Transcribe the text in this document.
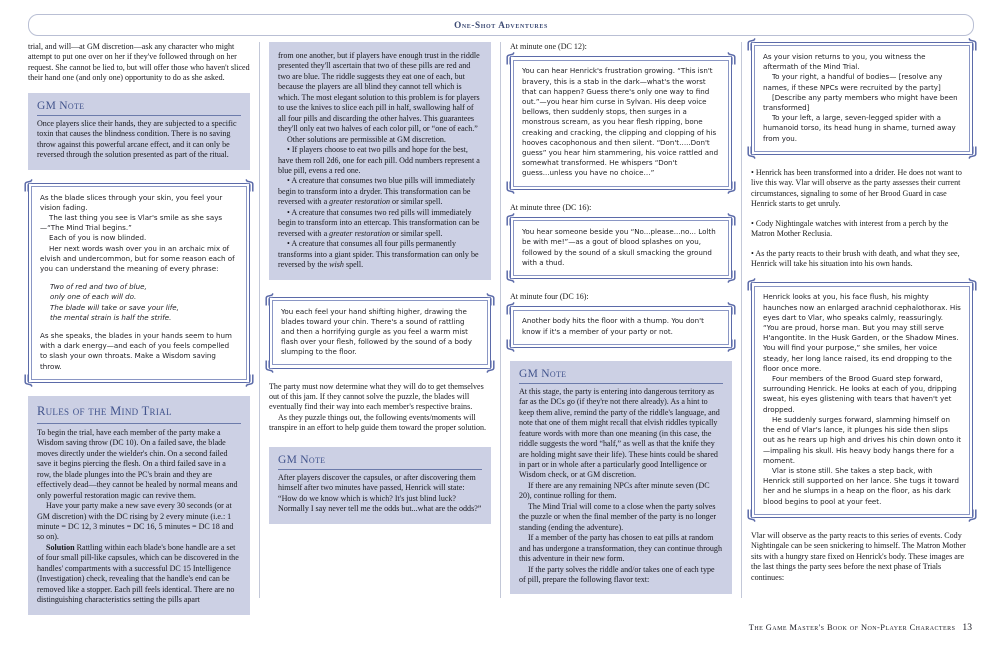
One-Shot Adventures

trial, and will—at GM discretion—ask any character who might attempt to put one over on her if they've followed through on her request. She cannot be lied to, but will offer those who haven't sliced their hand one (and only one) opportunity to do as she asked.

GM Note

Once players slice their hands, they are subjected to a specific toxin that causes the blindness condition. There is no saving throw against this powerful arcane effect, and it can only be reversed through the solution presented as part of the ritual.

As the blade slices through your skin, you feel your vision fading.

The last thing you see is Vlar's smile as she says—“The Mind Trial begins.”

Each of you is now blinded.

Her next words wash over you in an archaic mix of elvish and undercommon, but for some reason each of you can understand the meaning of every phrase:

Two of red and two of blue,

only one of each will do.

The blade will take or save your life,

the mental strain is half the strife.

As she speaks, the blades in your hands seem to hum with a dark energy—and each of you feels compelled to slash your own throats. Make a Wisdom saving throw.

Rules of the Mind Trial

To begin the trial, have each member of the party make a Wisdom saving throw (DC 10). On a failed save, the blade moves directly under the wielder's chin. On a second failed save it begins piercing the flesh. On a third failed save in a row, the blade plunges into the PC's brain and they are effectively dead—they cannot be healed by normal means and only powerful restoration magic can revive them.

Have your party make a new save every 30 seconds (or at GM discretion) with the DC rising by 2 every minute (i.e.: 1 minute = DC 12, 3 minutes = DC 16, 5 minutes = DC 18 and so on).

Solution Rattling within each blade's bone handle are a set of four small pill-like capsules, which can be discovered in the handles' compartments with a successful DC 15 Intelligence (Investigation) check, revealing that the handle's end can be removed like a stopper. Each pill feels identical. There are no distinguishing characteristics setting the pills apart

from one another, but if players have enough trust in the riddle presented they'll ascertain that two of these pills are red and two are blue. The riddle suggests they eat one of each, but because the players are all blind they cannot tell which is which. The most elegant solution to this problem is for players to use the knives to slice each pill in half, swallowing half of all four pills and discarding the other halves. This guarantees they'll only eat two halves of each color pill, or “one of each.”

Other solutions are permissible at GM discretion.

• If players choose to eat two pills and hope for the best, have them roll 2d6, one for each pill. Odd numbers represent a blue pill, evens a red one.

• A creature that consumes two blue pills will immediately begin to transform into a dryder. This transformation can be reversed with a greater restoration or similar spell.

• A creature that consumes two red pills will immediately begin to transform into an ettercap. This transformation can be reversed with a greater restoration or similar spell.

• A creature that consumes all four pills permanently transforms into a giant spider. This transformation can only be reversed by the wish spell.

You each feel your hand shifting higher, drawing the blades toward your chin. There's a sound of rattling and then a horrifying gurgle as you feel a warm mist flash over your flesh, followed by the sound of a body slumping to the floor.

The party must now determine what they will do to get themselves out of this jam. If they cannot solve the puzzle, the blades will eventually find their way into each member's respective brains.

As they puzzle things out, the following events/moments will transpire in an effort to help guide them toward the proper solution.

GM Note

After players discover the capsules, or after discovering them himself after two minutes have passed, Henrick will state: “How do we know which is which? It's just blind luck? Normally I say never tell me the odds but...what are the odds?”

At minute one (DC 12):

You can hear Henrick's frustration growing. “This isn't bravery, this is a stab in the dark—what's the worst that can happen? Guess there's only one way to find out.”—you hear him curse in Sylvan. His deep voice bellows, then suddenly stops, then surges in a monstrous scream, as you hear flesh ripping, bone creaking and cracking, the clipping and clopping of his hooves cacophonous and then silent. “Don't…..Don't guess” you hear him stammering, his voice rattled and somewhat transformed. He whispers “Don't guess...unless you have no choice…”

At minute three (DC 16):

You hear someone beside you “No...please...no... Lolth be with me!”—as a gout of blood splashes on you, followed by the sound of a skull smacking the ground with a thud.

At minute four (DC 16):

Another body hits the floor with a thump. You don't know if it's a member of your party or not.

GM Note

At this stage, the party is entering into dangerous territory as far as the DCs go (if they're not there already). As a hint to keep them alive, remind the party of the riddle's language, and note that one of them might recall that elvish riddles typically feature words with more than one meaning (in this case, the riddle suggests the word “half,” as well as that the knife they are holding might save their life). These hints could be shared in part or in whole after a particularly good Intelligence or Wisdom check, or at GM discretion.

If there are any remaining NPCs after minute seven (DC 20), continue rolling for them.

The Mind Trial will come to a close when the party solves the puzzle or when the final member of the party is no longer standing (ending the adventure).

If a member of the party has chosen to eat pills at random and has undergone a transformation, they can continue through this adventure in their new form.

If the party solves the riddle and/or takes one of each type of pill, prepare the following flavor text:

As your vision returns to you, you witness the aftermath of the Mind Trial.

To your right, a handful of bodies— [resolve any names, if these NPCs were recruited by the party]

[Describe any party members who might have been transformed]

To your left, a large, seven-legged spider with a humanoid torso, its head hung in shame, turned away from you.

• Henrick has been transformed into a drider. He does not want to live this way. Vlar will observe as the party assesses their current circumstances, signaling to some of her Brood Guard in case Henrick starts to get unruly.

• Cody Nightingale watches with interest from a perch by the Matron Mother Reclusia.

• As the party reacts to their brush with death, and what they see, Henrick will take his situation into his own hands.

Henrick looks at you, his face flush, his mighty haunches now an enlarged arachnid cephalothorax. His eyes dart to Vlar, who speaks calmly, reassuringly. “You are proud, horse man. But you may still serve H'angontite. In the Husk Garden, or the Shadow Mines. You will find your purpose,” she smiles, her voice steady, her long lance raised, its end dropping to the floor once more.

Four members of the Brood Guard step forward, surrounding Henrick. He looks at each of you, dripping sweat, his eyes glistening with tears that haven't yet dropped.

He suddenly surges forward, slamming himself on the end of Vlar's lance, it plunges his side then slips out as he rears up high and drives his chin down onto it—impaling his skull. His heavy body hangs there for a moment.

Vlar is stone still. She takes a step back, with Henrick still supported on her lance. She tugs it toward her and he slumps in a heap on the floor, as his dark blood begins to pool at your feet.

Vlar will observe as the party reacts to this series of events. Cody Nightingale can be seen snickering to himself. The Matron Mother sits with a hungry stare fixed on Henrick's body. These images are the last things the party sees before the next phase of Trials continues:

The Game Master's Book of Non-Player Characters 13
